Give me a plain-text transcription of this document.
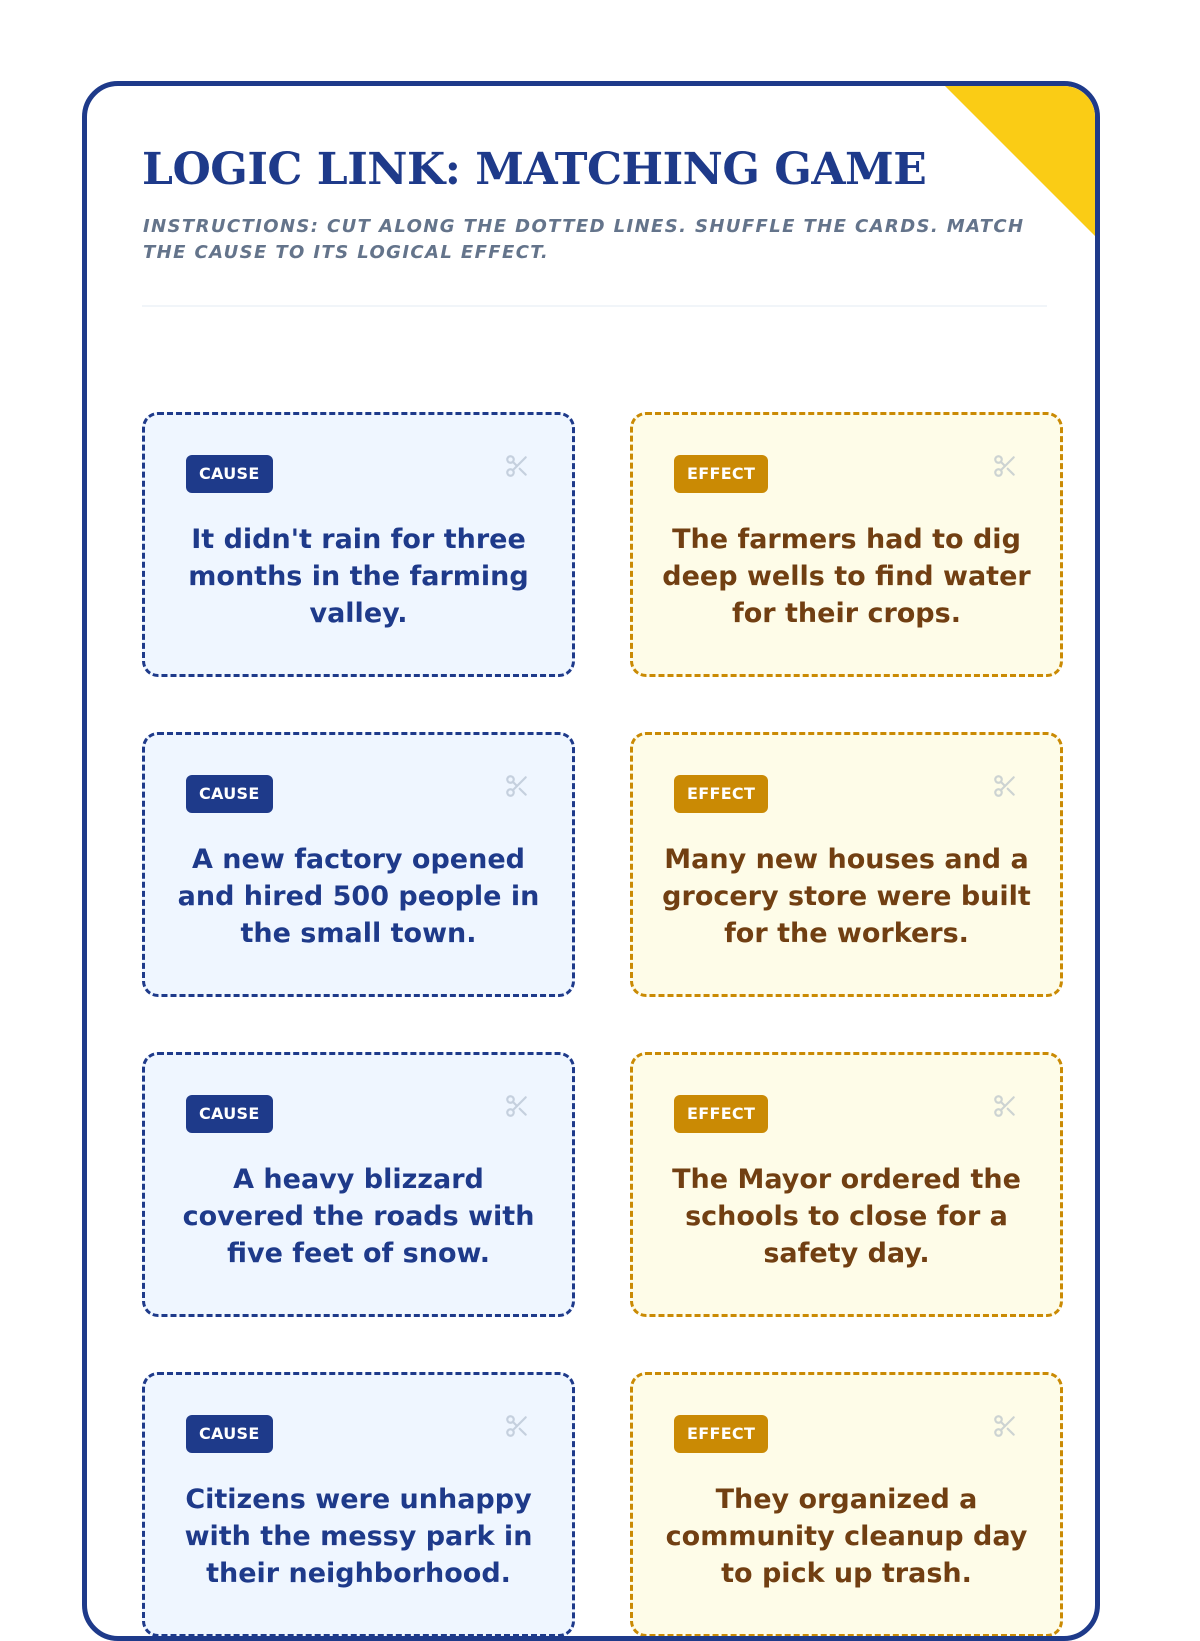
LOGIC LINK: MATCHING GAME

INSTRUCTIONS: CUT ALONG THE DOTTED LINES. SHUFFLE THE CARDS. MATCH THE CAUSE TO ITS LOGICAL EFFECT.

CAUSE

It didn't rain for three months in the farming valley.

EFFECT

The farmers had to dig deep wells to find water for their crops.

CAUSE

A new factory opened and hired 500 people in the small town.

EFFECT

Many new houses and a grocery store were built for the workers.

CAUSE

A heavy blizzard covered the roads with five feet of snow.

EFFECT

The Mayor ordered the schools to close for a safety day.

CAUSE

Citizens were unhappy with the messy park in their neighborhood.

EFFECT

They organized a community cleanup day to pick up trash.
